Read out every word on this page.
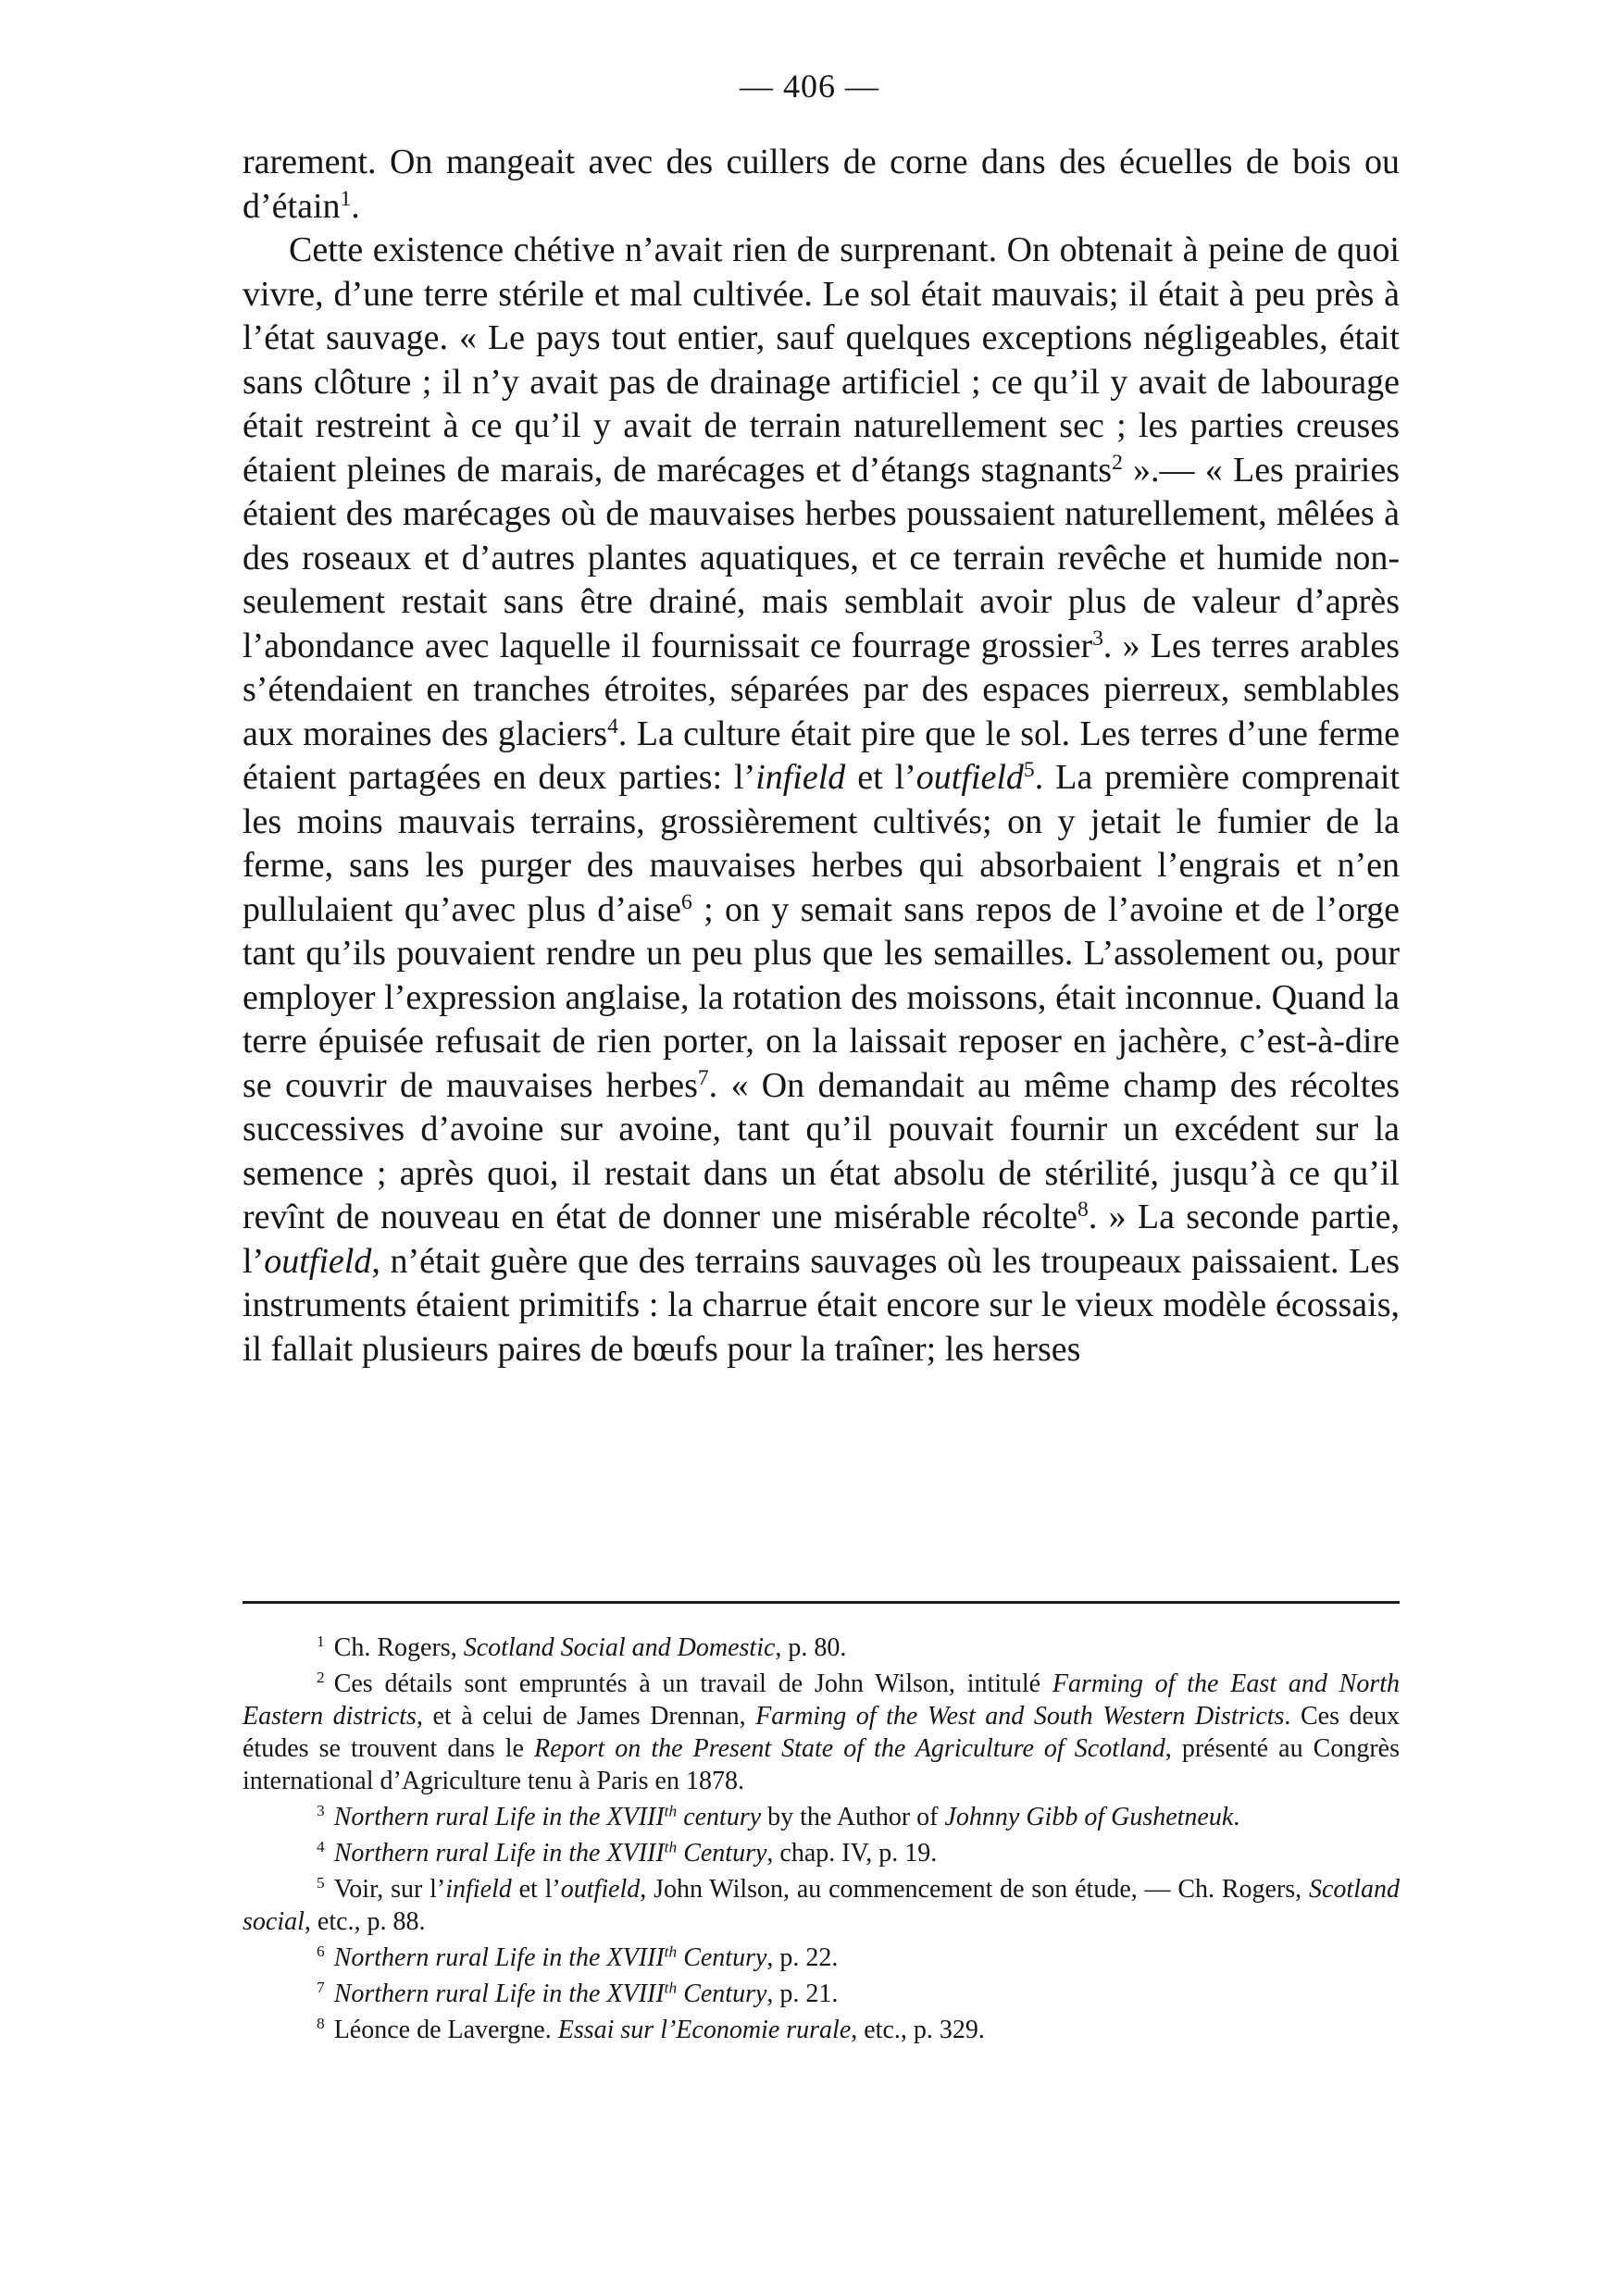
— 406 —

rarement. On mangeait avec des cuillers de corne dans des écuelles de bois ou d’étain$^1$.

Cette existence chétive n’avait rien de surprenant. On obtenait à peine de quoi vivre, d’une terre stérile et mal cultivée. Le sol était mauvais; il était à peu près à l’état sauvage. « Le pays tout entier, sauf quelques exceptions négligeables, était sans clôture ; il n’y avait pas de drainage artificiel ; ce qu’il y avait de labourage était restreint à ce qu’il y avait de terrain naturellement sec ; les parties creuses étaient pleines de marais, de marécages et d’étangs stagnants$^2$ ».— « Les prairies étaient des marécages où de mauvaises herbes poussaient naturellement, mêlées à des roseaux et d’autres plantes aquatiques, et ce terrain revêche et humide non-seulement restait sans être drainé, mais semblait avoir plus de valeur d’après l’abondance avec laquelle il fournissait ce fourrage grossier$^3$. » Les terres arables s’étendaient en tranches étroites, séparées par des espaces pierreux, semblables aux moraines des glaciers$^4$. La culture était pire que le sol. Les terres d’une ferme étaient partagées en deux parties: l’infield et l’outfield$^5$. La première comprenait les moins mauvais terrains, grossièrement cultivés; on y jetait le fumier de la ferme, sans les purger des mauvaises herbes qui absorbaient l’engrais et n’en pullulaient qu’avec plus d’aise$^6$ ; on y semait sans repos de l’avoine et de l’orge tant qu’ils pouvaient rendre un peu plus que les semailles. L’assolement ou, pour employer l’expression anglaise, la rotation des moissons, était inconnue. Quand la terre épuisée refusait de rien porter, on la laissait reposer en jachère, c’est-à-dire se couvrir de mauvaises herbes$^7$. « On demandait au même champ des récoltes successives d’avoine sur avoine, tant qu’il pouvait fournir un excédent sur la semence ; après quoi, il restait dans un état absolu de stérilité, jusqu’à ce qu’il revînt de nouveau en état de donner une misérable récolte$^8$. » La seconde partie, l’outfield, n’était guère que des terrains sauvages où les troupeaux paissaient. Les instruments étaient primitifs : la charrue était encore sur le vieux modèle écossais, il fallait plusieurs paires de bœufs pour la traîner; les herses

$^1$ Ch. Rogers, Scotland Social and Domestic, p. 80.

$^2$ Ces détails sont empruntés à un travail de John Wilson, intitulé Farming of the East and North Eastern districts, et à celui de James Drennan, Farming of the West and South Western Districts. Ces deux études se trouvent dans le Report on the Present State of the Agriculture of Scotland, présenté au Congrès international d’Agriculture tenu à Paris en 1878.

$^3$ Northern rural Life in the XVIIIth century by the Author of Johnny Gibb of Gushetneuk.

$^4$ Northern rural Life in the XVIIIth Century, chap. IV, p. 19.

$^5$ Voir, sur l’infield et l’outfield, John Wilson, au commencement de son étude, — Ch. Rogers, Scotland social, etc., p. 88.

$^6$ Northern rural Life in the XVIIIth Century, p. 22.

$^7$ Northern rural Life in the XVIIIth Century, p. 21.

$^8$ Léonce de Lavergne. Essai sur l’Economie rurale, etc., p. 329.
